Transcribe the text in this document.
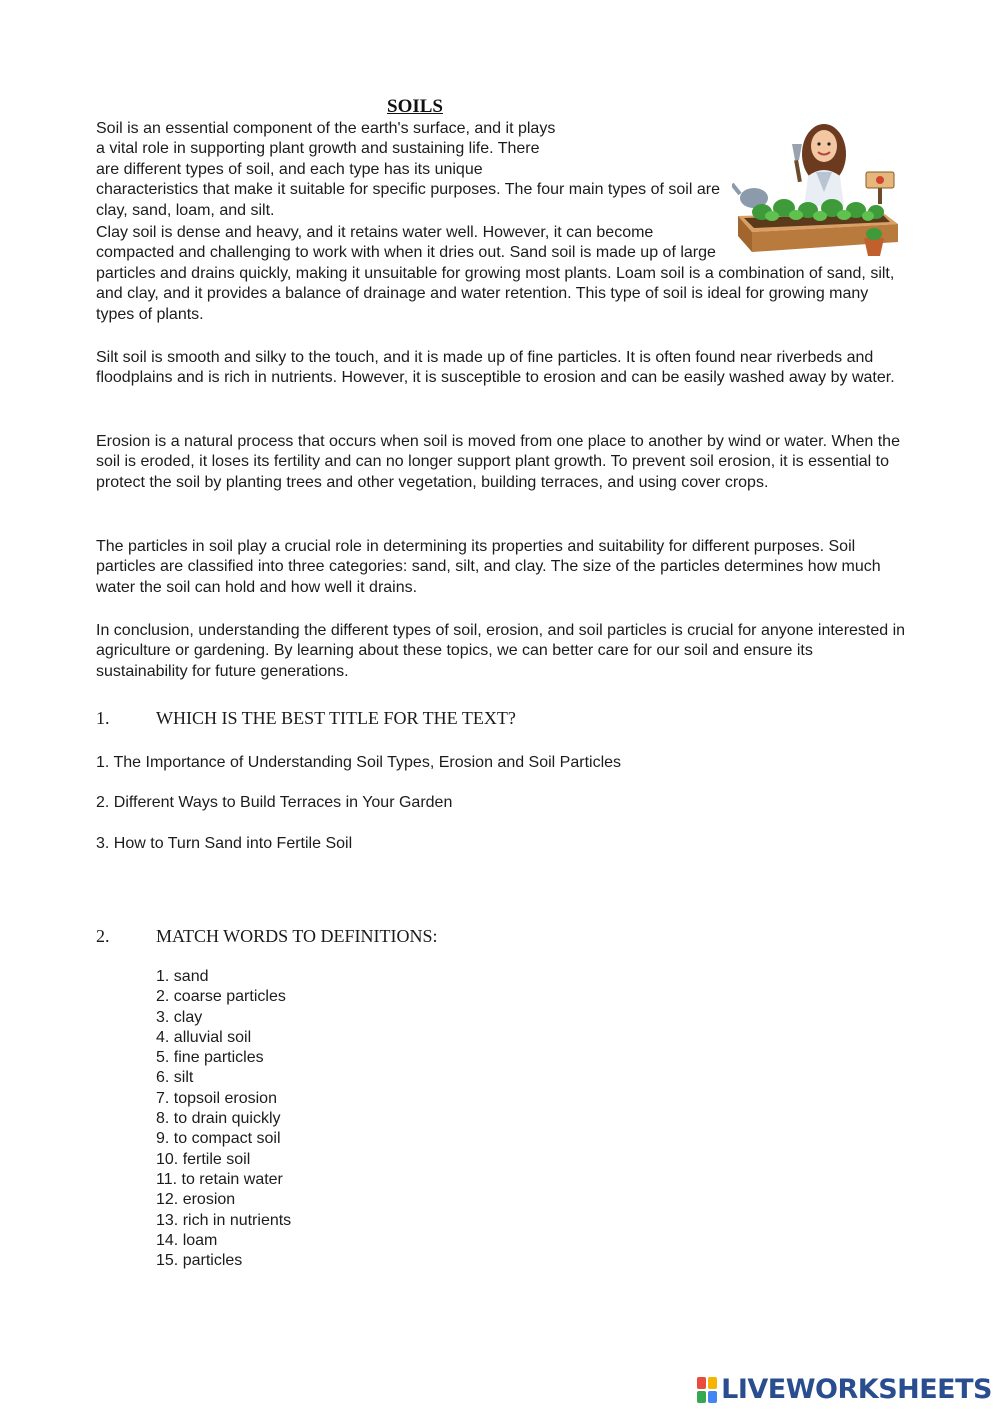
SOILS

Soil is an essential component of the earth's surface, and it plays a vital role in supporting plant growth and sustaining life. There are different types of soil, and each type has its unique characteristics that make it suitable for specific purposes. The four main types of soil are clay, sand, loam, and silt.

Clay soil is dense and heavy, and it retains water well. However, it can become compacted and challenging to work with when it dries out. Sand soil is made up of large particles and drains quickly, making it unsuitable for growing most plants. Loam soil is a combination of sand, silt, and clay, and it provides a balance of drainage and water retention. This type of soil is ideal for growing many types of plants.

Silt soil is smooth and silky to the touch, and it is made up of fine particles. It is often found near riverbeds and floodplains and is rich in nutrients. However, it is susceptible to erosion and can be easily washed away by water.

Erosion is a natural process that occurs when soil is moved from one place to another by wind or water. When the soil is eroded, it loses its fertility and can no longer support plant growth. To prevent soil erosion, it is essential to protect the soil by planting trees and other vegetation, building terraces, and using cover crops.

The particles in soil play a crucial role in determining its properties and suitability for different purposes. Soil particles are classified into three categories: sand, silt, and clay. The size of the particles determines how much water the soil can hold and how well it drains.

In conclusion, understanding the different types of soil, erosion, and soil particles is crucial for anyone interested in agriculture or gardening. By learning about these topics, we can better care for our soil and ensure its sustainability for future generations.

1.	WHICH IS THE BEST TITLE FOR THE TEXT?
1. The Importance of Understanding Soil Types, Erosion and Soil Particles
2. Different Ways to Build Terraces in Your Garden
3. How to Turn Sand into Fertile Soil
2.	MATCH WORDS TO DEFINITIONS:
1. sand
2. coarse particles
3. clay
4. alluvial soil
5. fine particles
6. silt
7. topsoil erosion
8. to drain quickly
9. to compact soil
10. fertile soil
11. to retain water
12. erosion
13. rich in nutrients
14. loam
15. particles
LIVEWORKSHEETS
